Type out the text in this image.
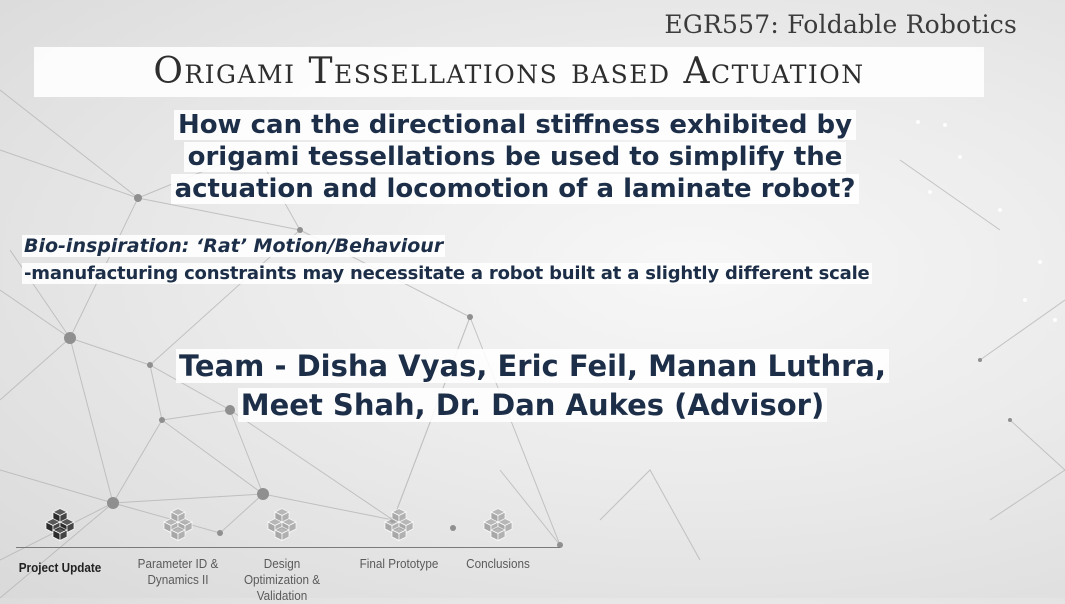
EGR557: Foldable Robotics
Origami Tessellations based Actuation
How can the directional stiffness exhibited by
origami tessellations be used to simplify the
actuation and locomotion of a laminate robot?
Bio-inspiration: ‘Rat’ Motion/Behaviour
-manufacturing constraints may necessitate a robot built at a slightly different scale
Team - Disha Vyas, Eric Feil, Manan Luthra,
Meet Shah, Dr. Dan Aukes (Advisor)
Project Update	Parameter ID & Dynamics II
Design Optimization & Validation
Final Prototype	Conclusions
